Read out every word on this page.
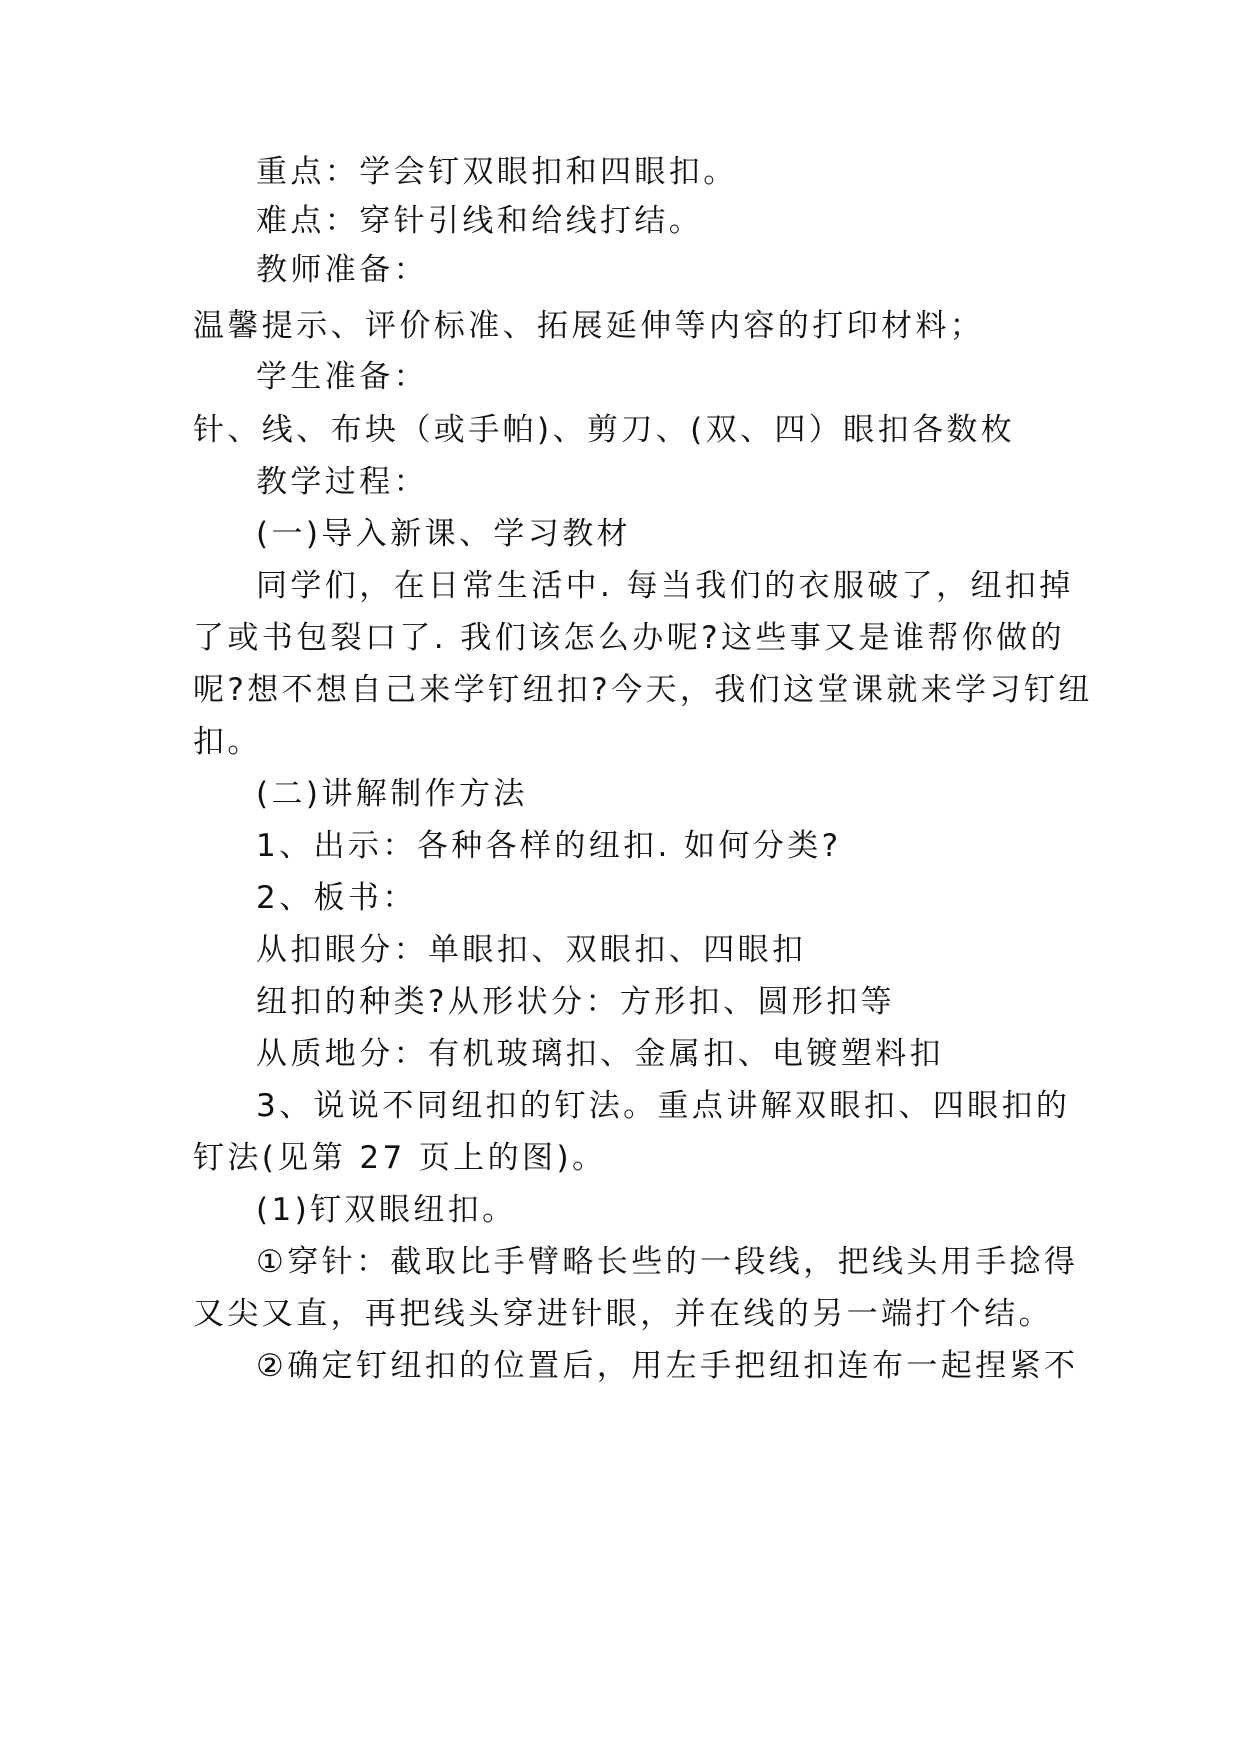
重点：学会钉双眼扣和四眼扣。
难点：穿针引线和给线打结。
教师准备：
温馨提示、评价标准、拓展延伸等内容的打印材料；
学生准备：
针、线、布块（或手帕)、剪刀、(双、四）眼扣各数枚
教学过程：
(一)导入新课、学习教材
同学们，在日常生活中. 每当我们的衣服破了，纽扣掉
了或书包裂口了. 我们该怎么办呢?这些事又是谁帮你做的
呢?想不想自己来学钉纽扣?今天，我们这堂课就来学习钉纽
扣。
(二)讲解制作方法
1、出示：各种各样的纽扣. 如何分类?
2、板书：
从扣眼分：单眼扣、双眼扣、四眼扣
纽扣的种类?从形状分：方形扣、圆形扣等
从质地分：有机玻璃扣、金属扣、电镀塑料扣
3、说说不同纽扣的钉法。重点讲解双眼扣、四眼扣的
钉法(见第 27 页上的图)。
(1)钉双眼纽扣。
①穿针：截取比手臂略长些的一段线，把线头用手捻得
又尖又直，再把线头穿进针眼，并在线的另一端打个结。
②确定钉纽扣的位置后，用左手把纽扣连布一起捏紧不
